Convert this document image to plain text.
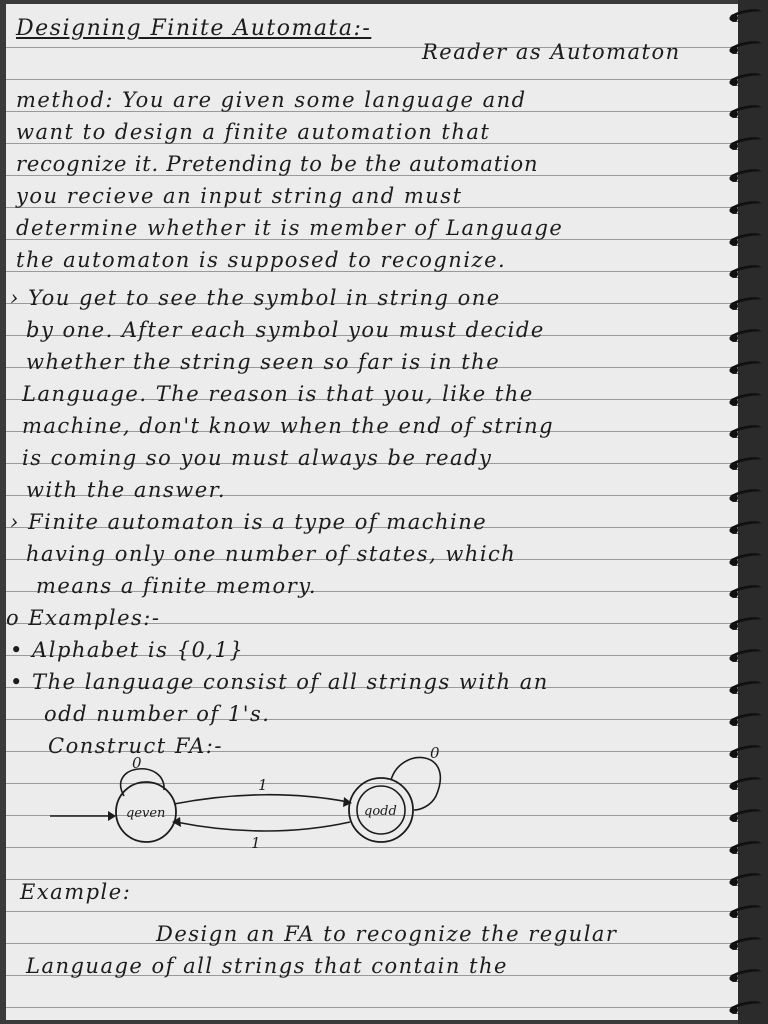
Designing Finite Automata:-
Reader as Automaton
method: You are given some language and
want to design a finite automation that
recognize it. Pretending to be the automation
you recieve an input string and must
determine whether it is member of Language
the automaton is supposed to recognize.
› You get to see the symbol in string one
by one. After each symbol you must decide
whether the string seen so far is in the
Language. The reason is that you, like the
machine, don't know when the end of string
is coming so you must always be ready
with the answer.
› Finite automaton is a type of machine
having only one number of states, which
means a finite memory.
o Examples:-
• Alphabet is {0,1}
• The language consist of all strings with an
odd number of 1's.
Construct FA:-
qeven	qodd
0
0
1
1
Example:
Design an FA to recognize the regular
Language of all strings that contain the
